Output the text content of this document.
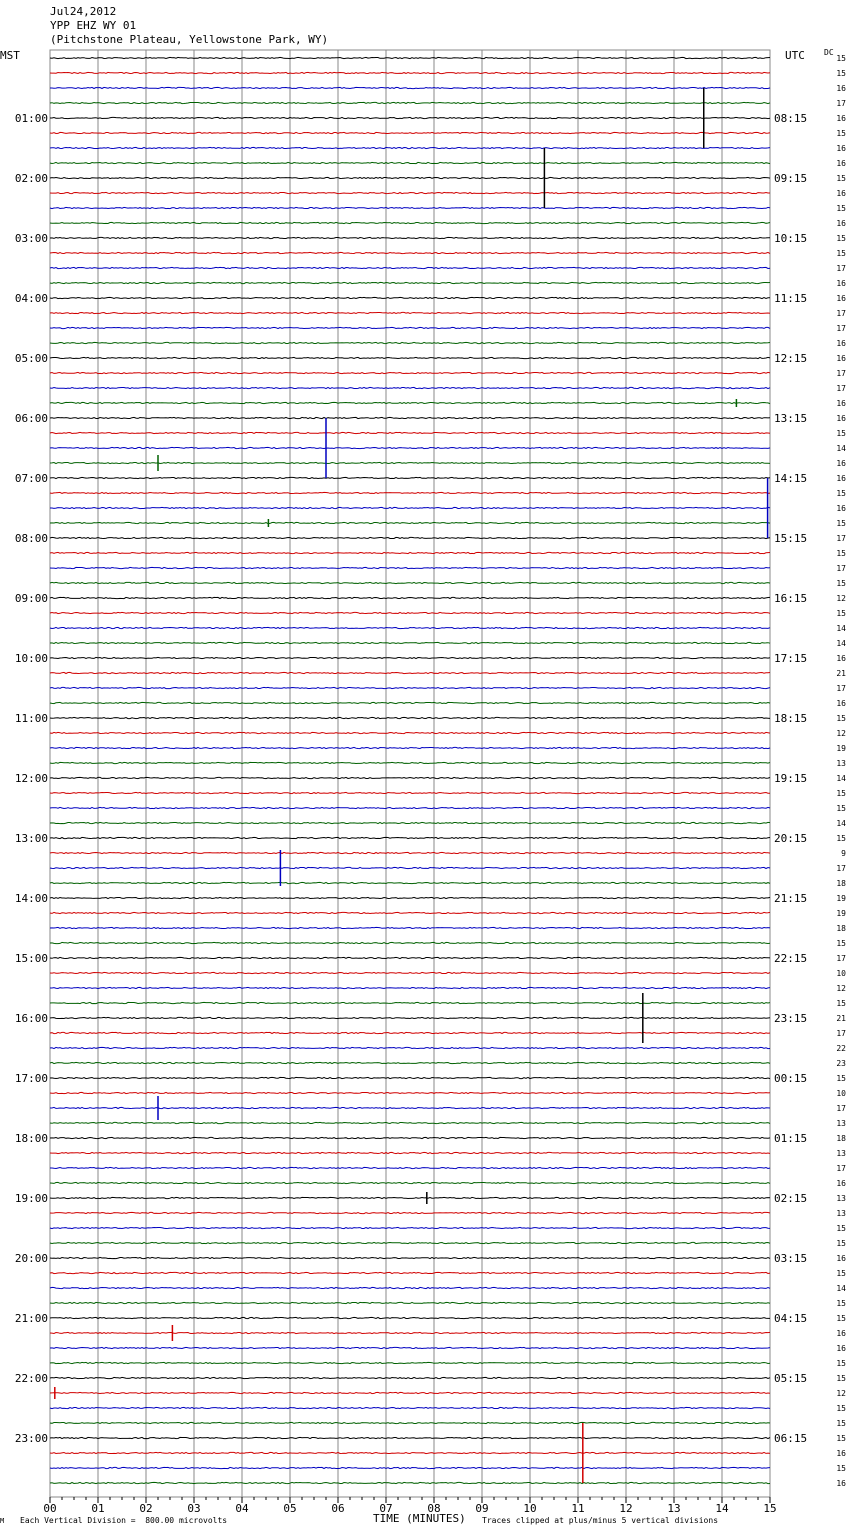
Jul24,2012
YPP EHZ WY 01
(Pitchstone Plateau, Yellowstone Park, WY)
MST	UTC DC
15
15
16
17
16
15
16
16
15
16
15
16
15
15
17
16
16
17
17
16
16
17
17
16
16
15
14
16
16
15
16
15
17
15
17
15
12
15
14
14
16
21
17
16
15
12
19
13
14
15
15
14
15
9
17
18
19
19
18
15
17
10
12
15
21
17
22
23
15
10
17
13
18
13
17
16
13
13
15
15
16
15
14
15
15
16
16
15
15
12
15
15
15
16
15
16
01:00
02:00
03:00
04:00
05:00
06:00
07:00
08:00
09:00
10:00
11:00
12:00
13:00
14:00
15:00
16:00
17:00
18:00
19:00
20:00
21:00
22:00
23:00
08:15
09:15
10:15
11:15
12:15
13:15
14:15
15:15
16:15
17:15
18:15
19:15
20:15
21:15
22:15
23:15
00:15
01:15
02:15
03:15
04:15
05:15
06:15
00	01	02	03	04	05	06	07	08	09	10	11	12	13	14	15
M Each Vertical Division =  800.00 microvolts	TIME (MINUTES) Traces clipped at plus/minus 5 vertical divisions
